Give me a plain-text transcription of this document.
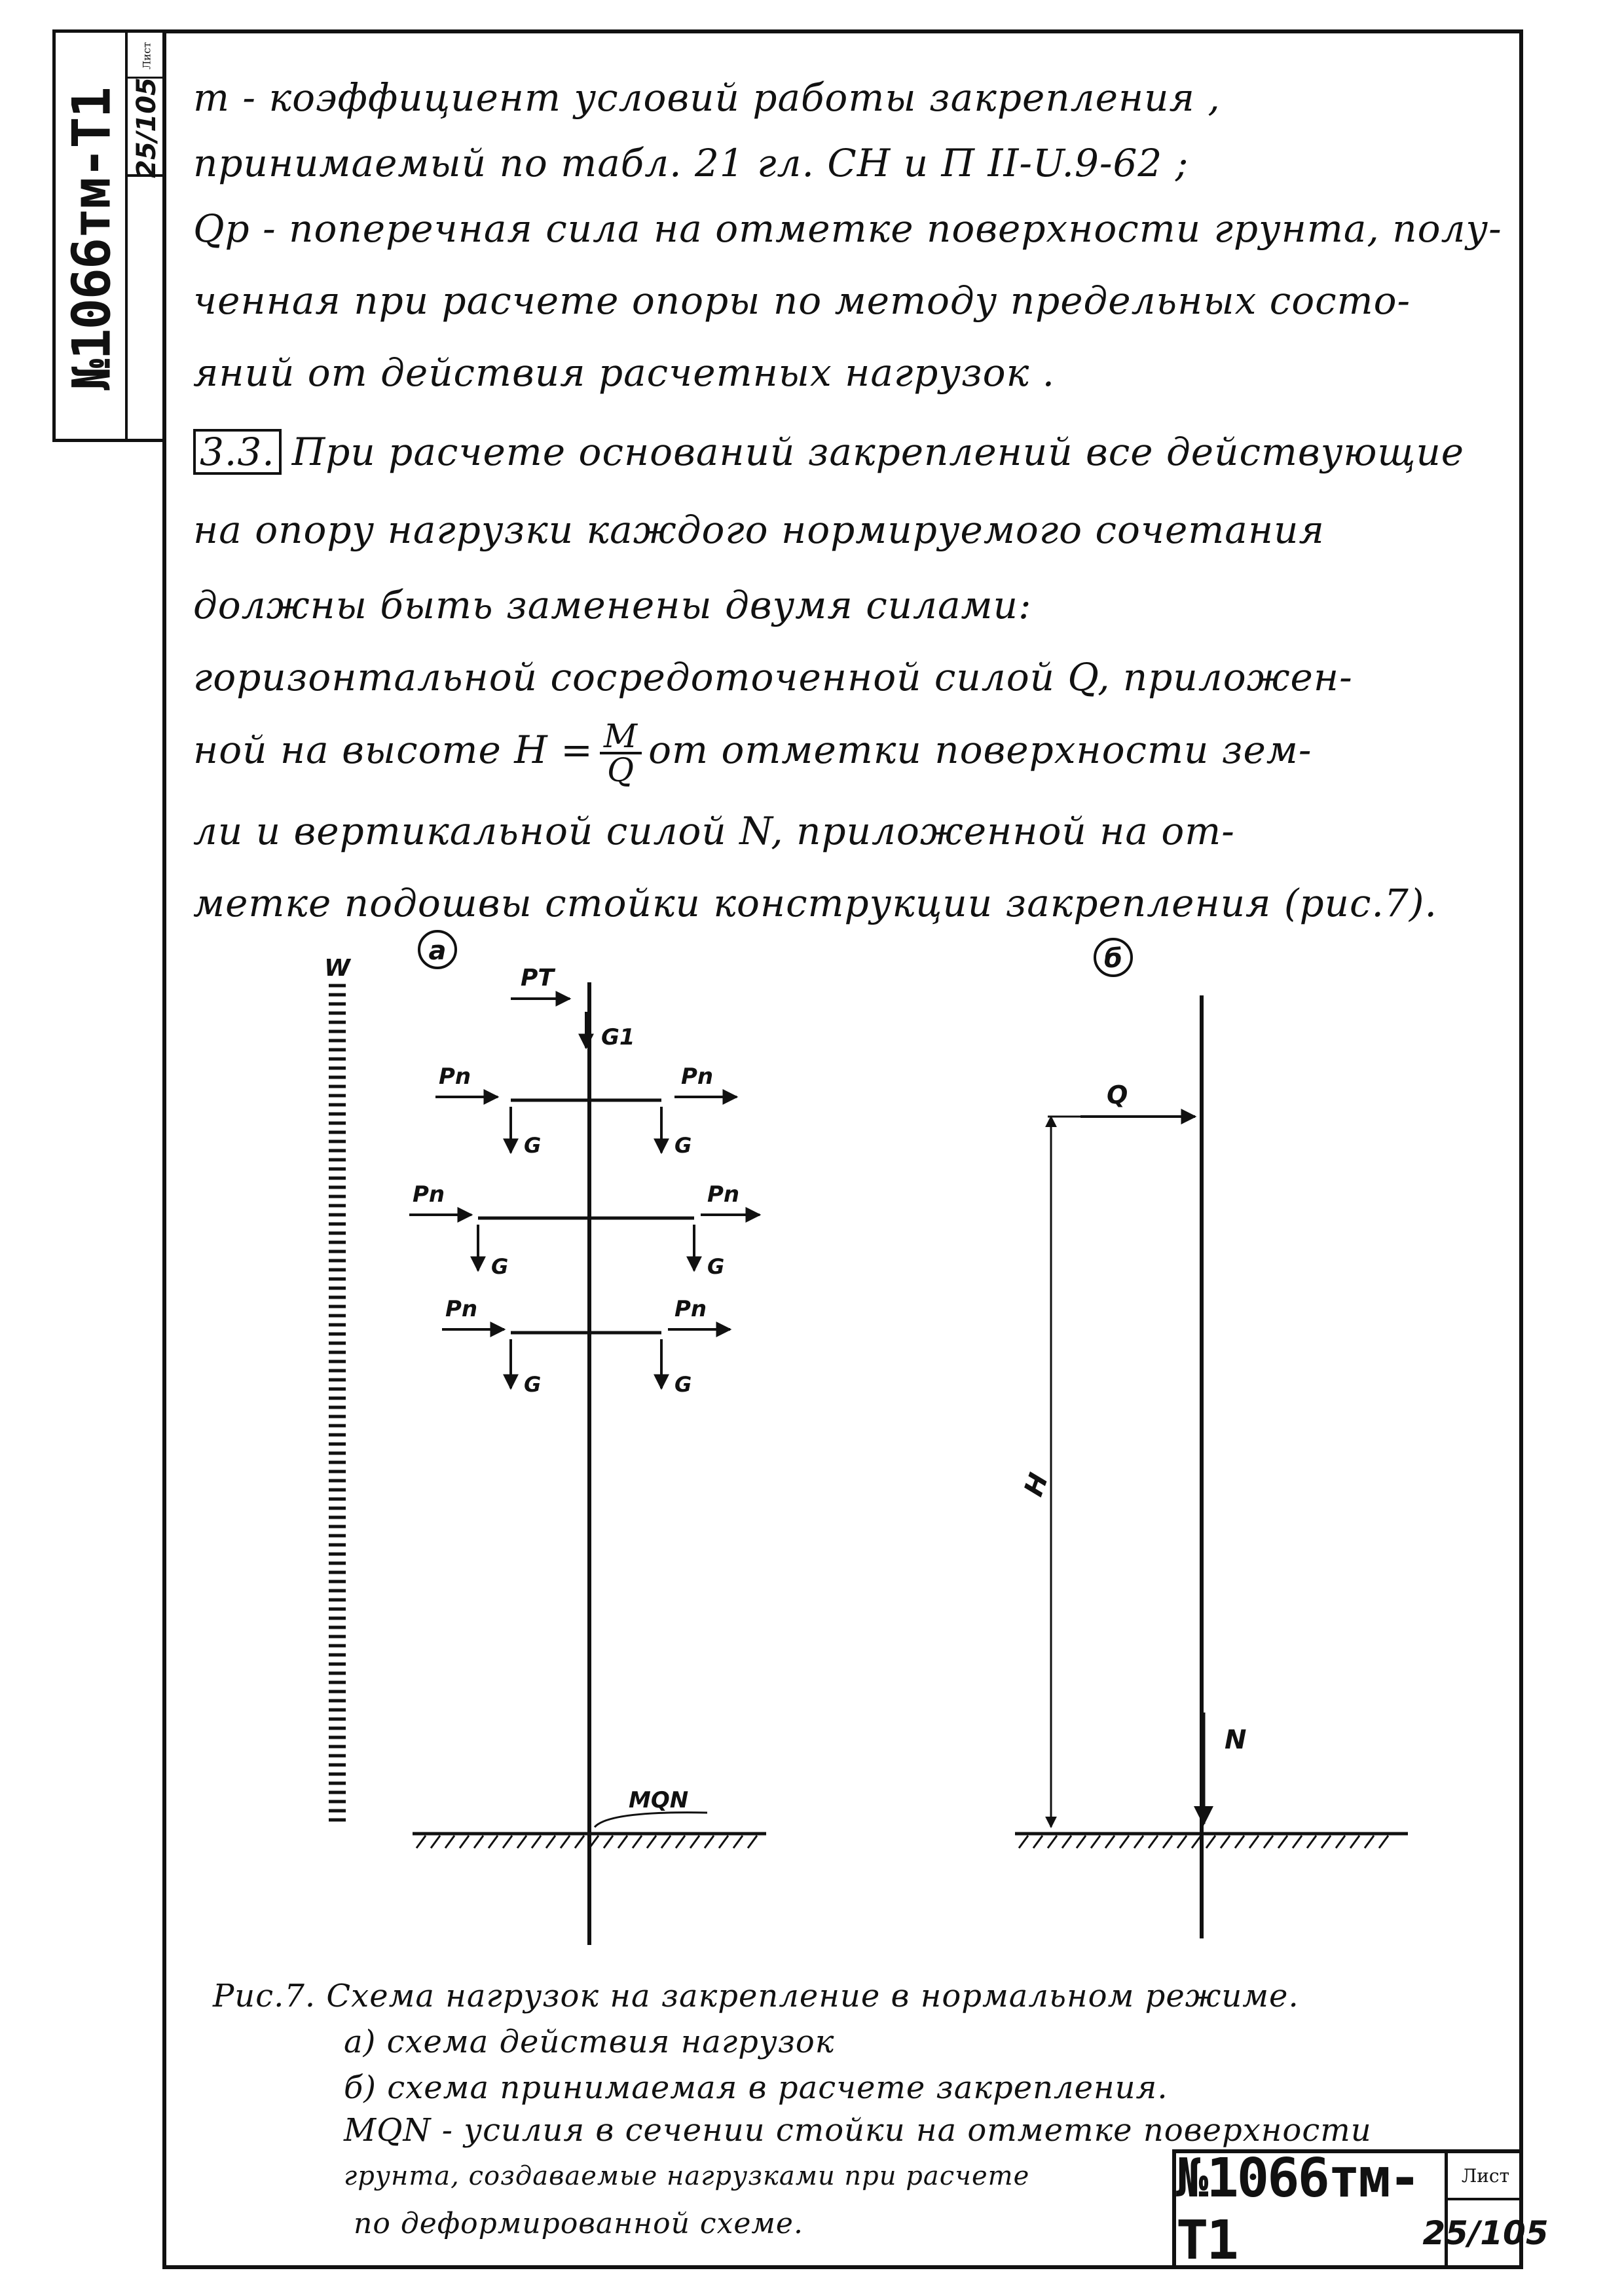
№1066тм-Т1
Лист
25/105 m - коэффициент условий работы закрепления ,
принимаемый по табл. 21 гл. СН и П II-U.9-62 ;
Qp - поперечная сила на отметке поверхности грунта, полу-
ченная при расчете опоры по методу предельных состо-
яний от действия расчетных нагрузок .
3.3. При расчете оснований закреплений все действующие
на опору нагрузки каждого нормируемого сочетания
должны быть заменены двумя силами:
горизонтальной сосредоточенной силой Q, приложен-
ной на высоте $H = \frac{M}{Q}$ от отметки поверхности зем-
ли и вертикальной силой N, приложенной на от-
метке подошвы стойки конструкции закрепления (рис.7).
а	б
W	PT
G1
Pn	Pn
G	G
Pn	Pn
G	G
Pn	Pn
G	G
MQN
Q
H
N
Рис.7. Схема нагрузок на закрепление в нормальном режиме.
а) схема действия нагрузок
б) схема принимаемая в расчете закрепления.
MQN - усилия в сечении стойки на отметке поверхности
грунта, создаваемые нагрузками при расчете
по деформированной схеме.
№1066тм-Т1
Лист
25/105
